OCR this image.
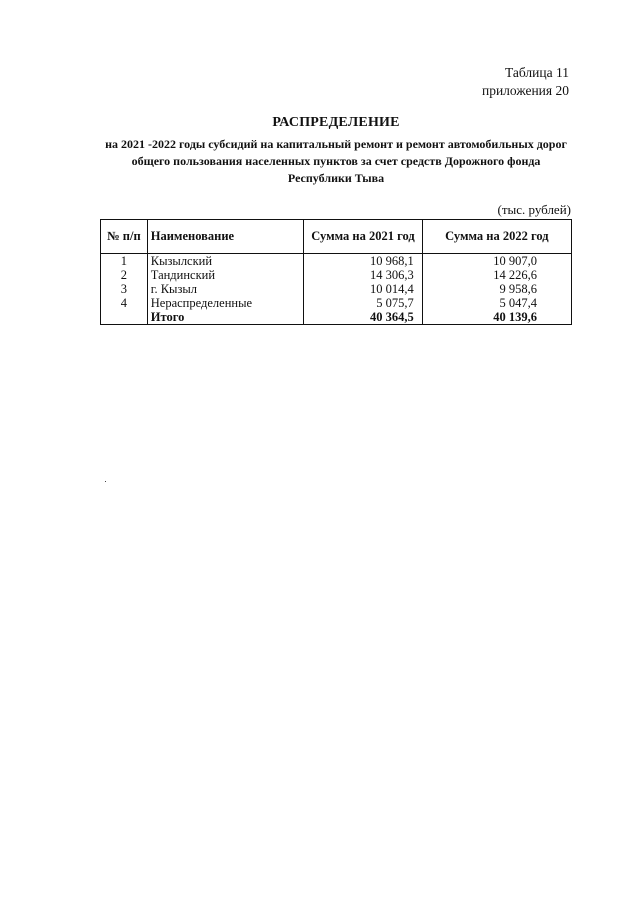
Таблица 11
приложения 20
РАСПРЕДЕЛЕНИЕ
на 2021 -2022 годы субсидий на капитальный ремонт и ремонт автомобильных дорог
общего пользования населенных пунктов за счет средств Дорожного фонда
Республики Тыва
(тыс. рублей)
№ п/п	Наименование	Сумма на 2021 год	Сумма на 2022 год
1	Кызылский	10 968,1	10 907,0
2	Тандинский	14 306,3	14 226,6
3	г. Кызыл	10 014,4	9 958,6
4	Нераспределенные	5 075,7	5 047,4
	Итого	40 364,5	40 139,6
